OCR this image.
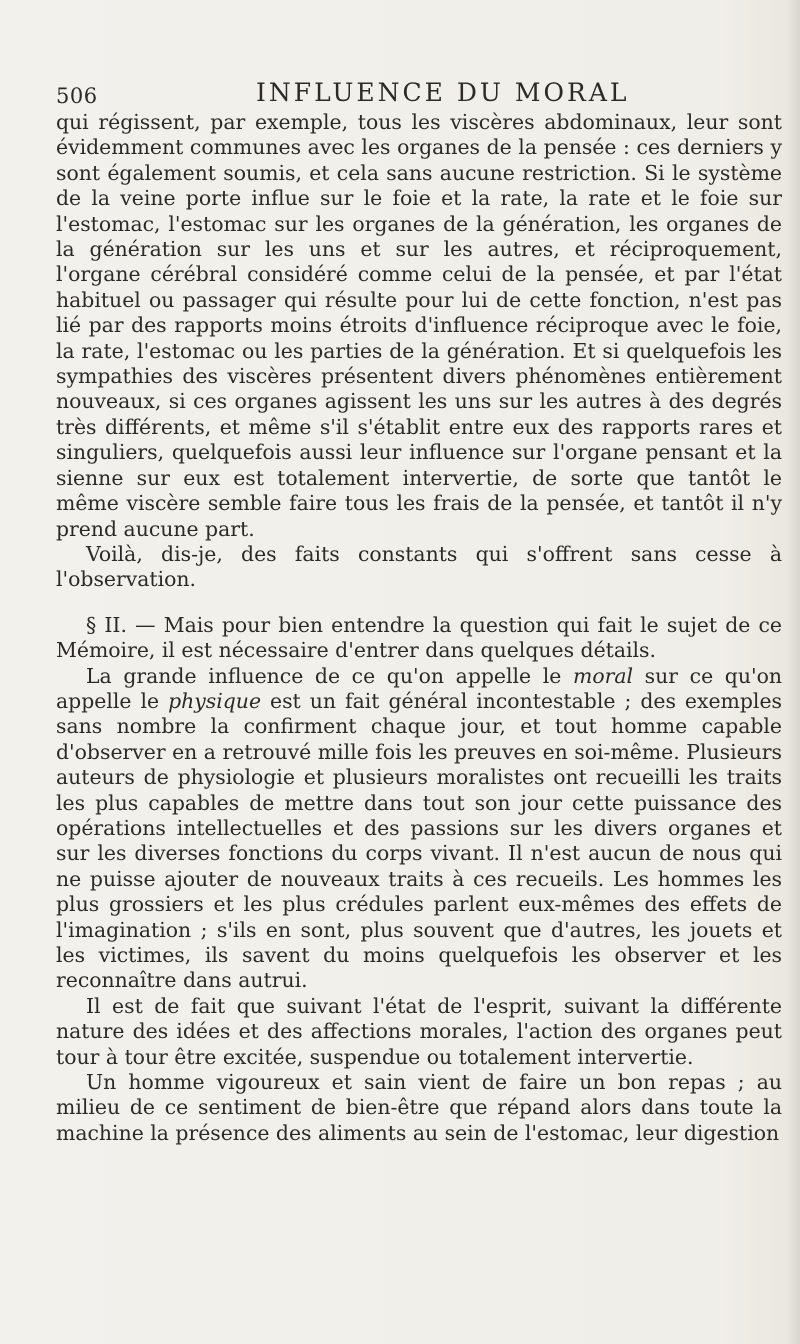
506	INFLUENCE DU MORAL

qui régissent, par exemple, tous les viscères abdominaux, leur sont évidemment communes avec les organes de la pensée : ces derniers y sont également soumis, et cela sans aucune restriction. Si le système de la veine porte influe sur le foie et la rate, la rate et le foie sur l'estomac, l'estomac sur les organes de la génération, les organes de la génération sur les uns et sur les autres, et réciproquement, l'organe cérébral considéré comme celui de la pensée, et par l'état habituel ou passager qui résulte pour lui de cette fonction, n'est pas lié par des rapports moins étroits d'influence réciproque avec le foie, la rate, l'estomac ou les parties de la génération. Et si quelquefois les sympathies des viscères présentent divers phénomènes entièrement nouveaux, si ces organes agissent les uns sur les autres à des degrés très différents, et même s'il s'établit entre eux des rapports rares et singuliers, quelquefois aussi leur influence sur l'organe pensant et la sienne sur eux est totalement intervertie, de sorte que tantôt le même viscère semble faire tous les frais de la pensée, et tantôt il n'y prend aucune part.

Voilà, dis-je, des faits constants qui s'offrent sans cesse à l'observation.

§ II. — Mais pour bien entendre la question qui fait le sujet de ce Mémoire, il est nécessaire d'entrer dans quelques détails.

La grande influence de ce qu'on appelle le moral sur ce qu'on appelle le physique est un fait général incontestable ; des exemples sans nombre la confirment chaque jour, et tout homme capable d'observer en a retrouvé mille fois les preuves en soi-même. Plusieurs auteurs de physiologie et plusieurs moralistes ont recueilli les traits les plus capables de mettre dans tout son jour cette puissance des opérations intellectuelles et des passions sur les divers organes et sur les diverses fonctions du corps vivant. Il n'est aucun de nous qui ne puisse ajouter de nouveaux traits à ces recueils. Les hommes les plus grossiers et les plus crédules parlent eux-mêmes des effets de l'imagination ; s'ils en sont, plus souvent que d'autres, les jouets et les victimes, ils savent du moins quelquefois les observer et les reconnaître dans autrui.

Il est de fait que suivant l'état de l'esprit, suivant la différente nature des idées et des affections morales, l'action des organes peut tour à tour être excitée, suspendue ou totalement intervertie.

Un homme vigoureux et sain vient de faire un bon repas ; au milieu de ce sentiment de bien-être que répand alors dans toute la machine la présence des aliments au sein de l'estomac, leur digestion
